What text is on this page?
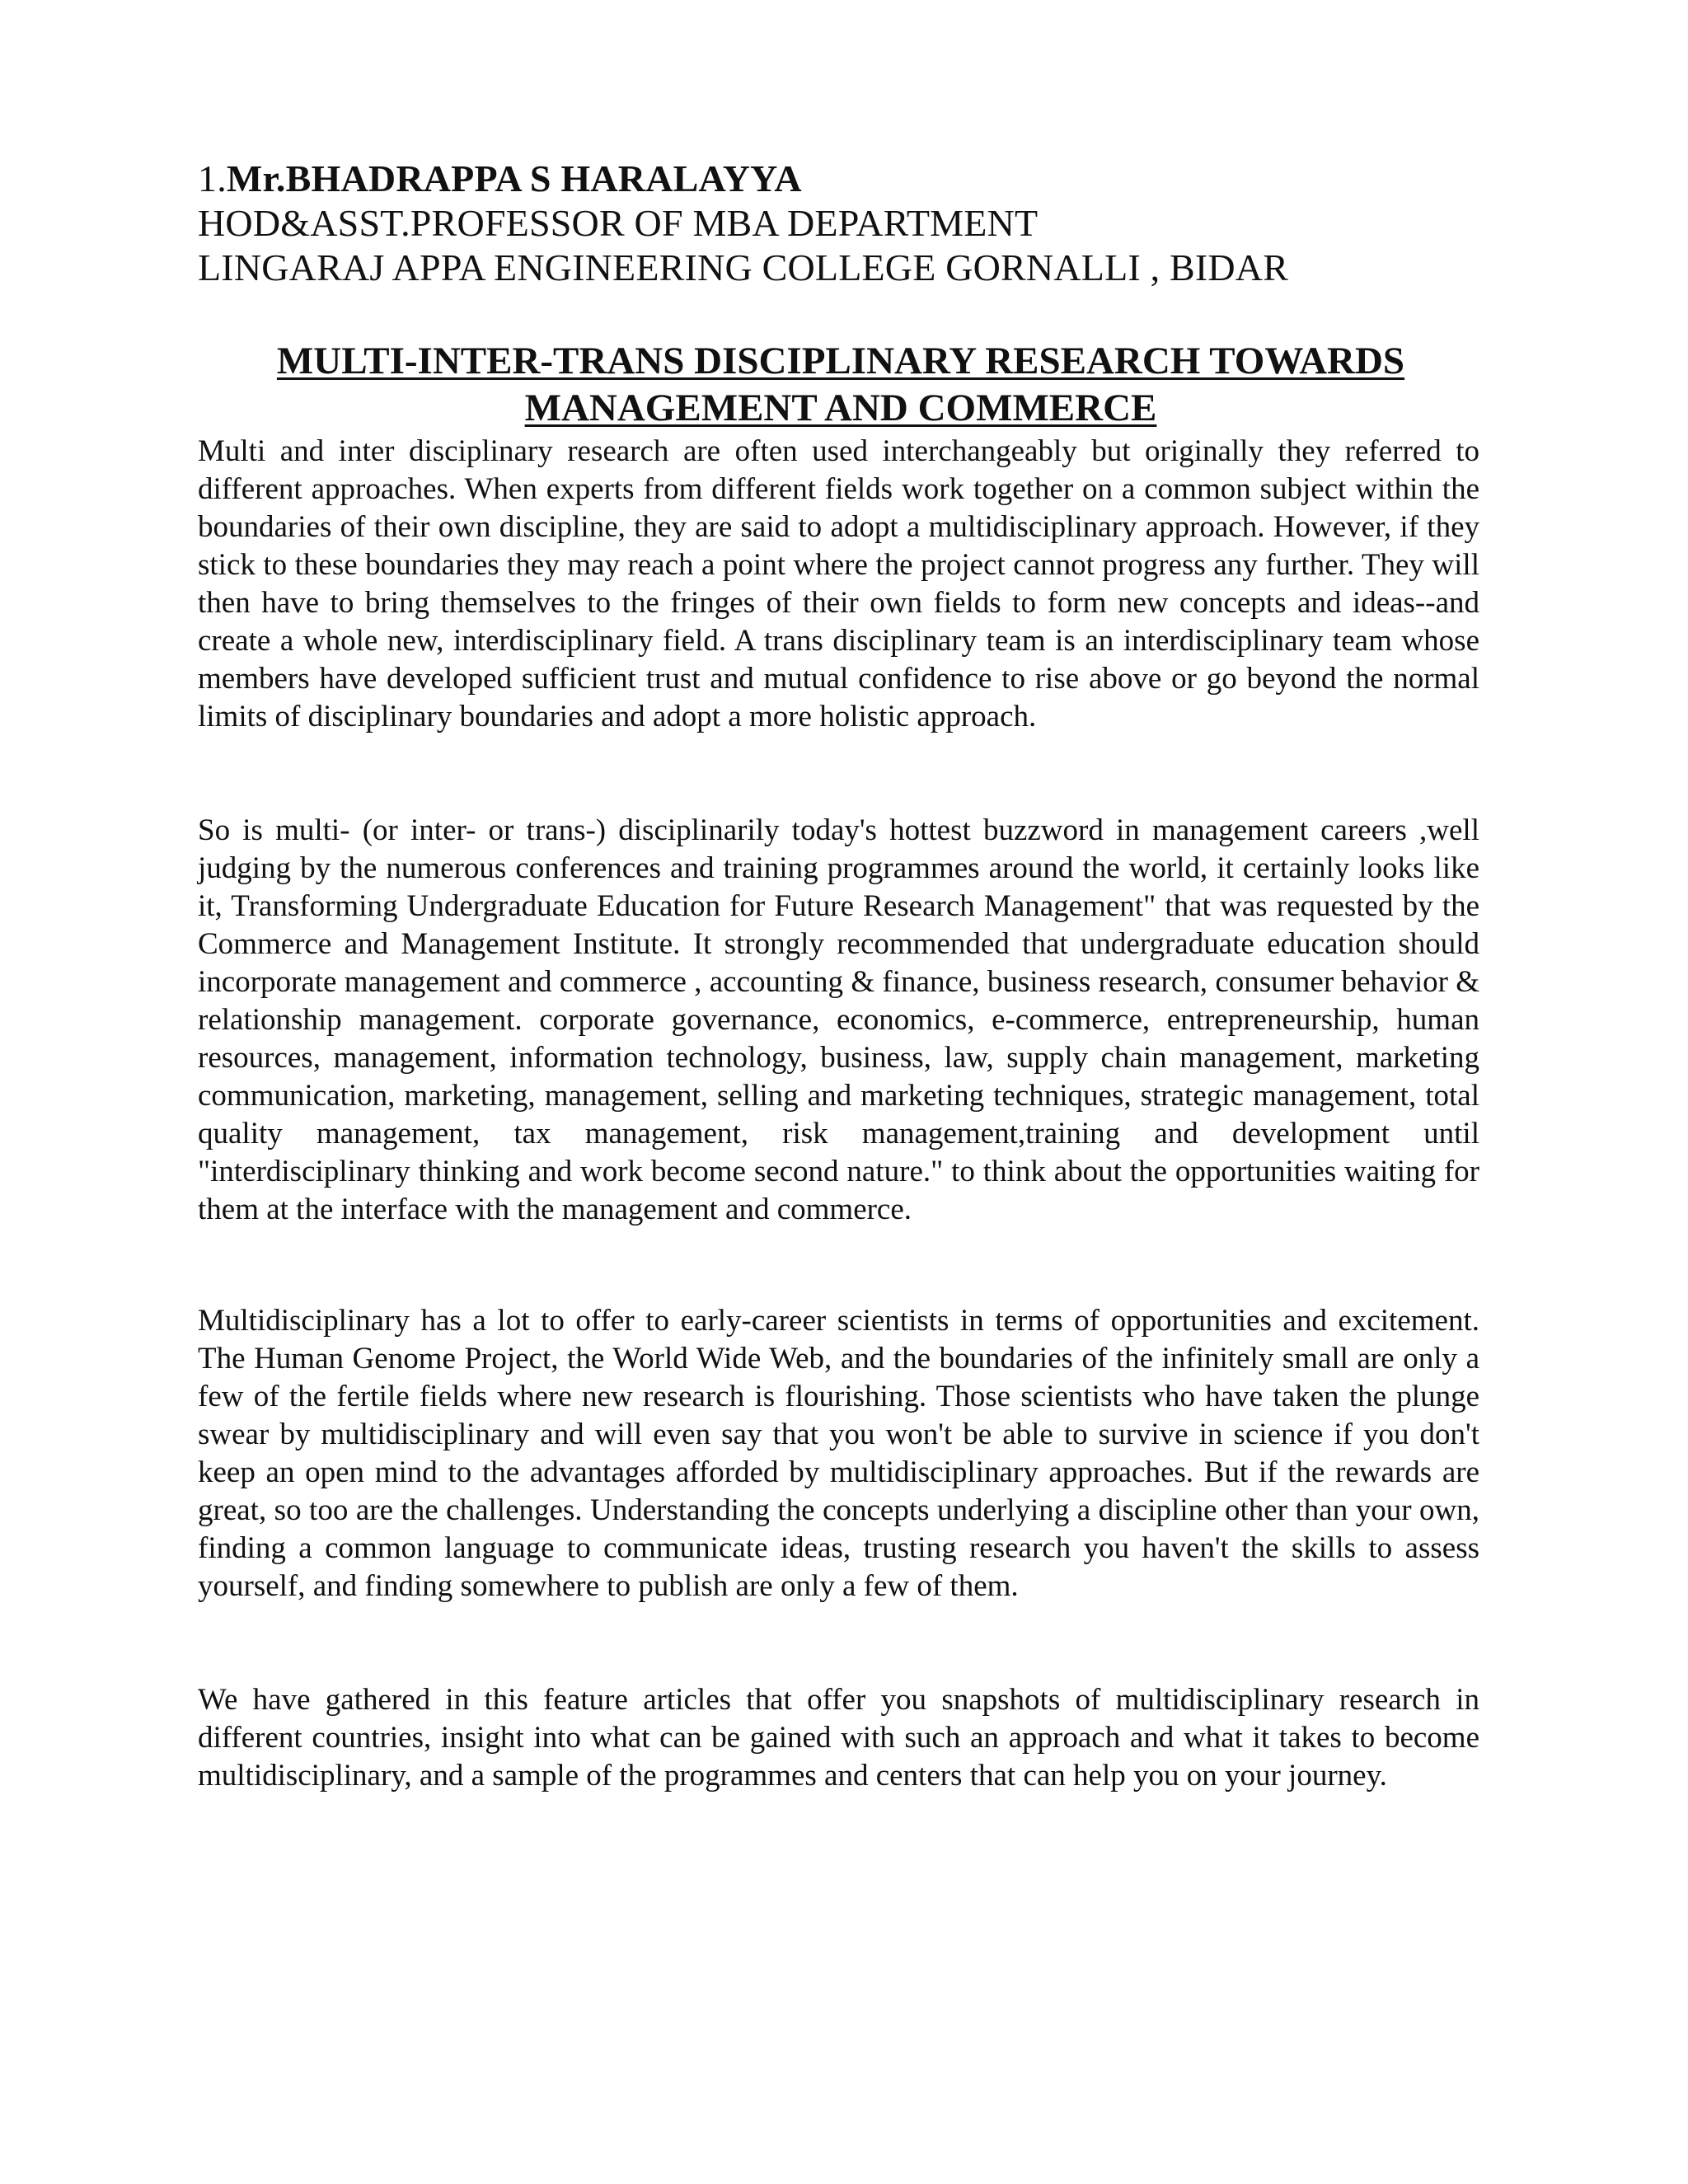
1.Mr.BHADRAPPA S HARALAYYA
HOD&ASST.PROFESSOR OF MBA DEPARTMENT
LINGARAJ APPA ENGINEERING COLLEGE GORNALLI , BIDAR
MULTI-INTER-TRANS DISCIPLINARY RESEARCH TOWARDS
MANAGEMENT AND COMMERCE

Multi and inter disciplinary research are often used interchangeably but originally they referred to different approaches. When experts from different fields work together on a common subject within the boundaries of their own discipline, they are said to adopt a multidisciplinary approach. However, if they stick to these boundaries they may reach a point where the project cannot progress any further. They will then have to bring themselves to the fringes of their own fields to form new concepts and ideas--and create a whole new, interdisciplinary field. A trans disciplinary team is an interdisciplinary team whose members have developed sufficient trust and mutual confidence to rise above or go beyond the normal limits of disciplinary boundaries and adopt a more holistic approach.

So is multi- (or inter- or trans-) disciplinarily today's hottest buzzword in management careers ,well judging by the numerous conferences and training programmes around the world, it certainly looks like it, Transforming Undergraduate Education for Future Research Management" that was requested by the Commerce and Management Institute. It strongly recommended that undergraduate education should incorporate management and commerce , accounting & finance, business research, consumer behavior & relationship management. corporate governance, economics, e-commerce, entrepreneurship, human resources, management, information technology, business, law, supply chain management, marketing communication, marketing, management, selling and marketing techniques, strategic management, total quality management, tax management, risk management,training and development until "interdisciplinary thinking and work become second nature." to think about the opportunities waiting for them at the interface with the management and commerce.

Multidisciplinary has a lot to offer to early-career scientists in terms of opportunities and excitement. The Human Genome Project, the World Wide Web, and the boundaries of the infinitely small are only a few of the fertile fields where new research is flourishing. Those scientists who have taken the plunge swear by multidisciplinary and will even say that you won't be able to survive in science if you don't keep an open mind to the advantages afforded by multidisciplinary approaches. But if the rewards are great, so too are the challenges. Understanding the concepts underlying a discipline other than your own, finding a common language to communicate ideas, trusting research you haven't the skills to assess yourself, and finding somewhere to publish are only a few of them.

We have gathered in this feature articles that offer you snapshots of multidisciplinary research in different countries, insight into what can be gained with such an approach and what it takes to become multidisciplinary, and a sample of the programmes and centers that can help you on your journey.
